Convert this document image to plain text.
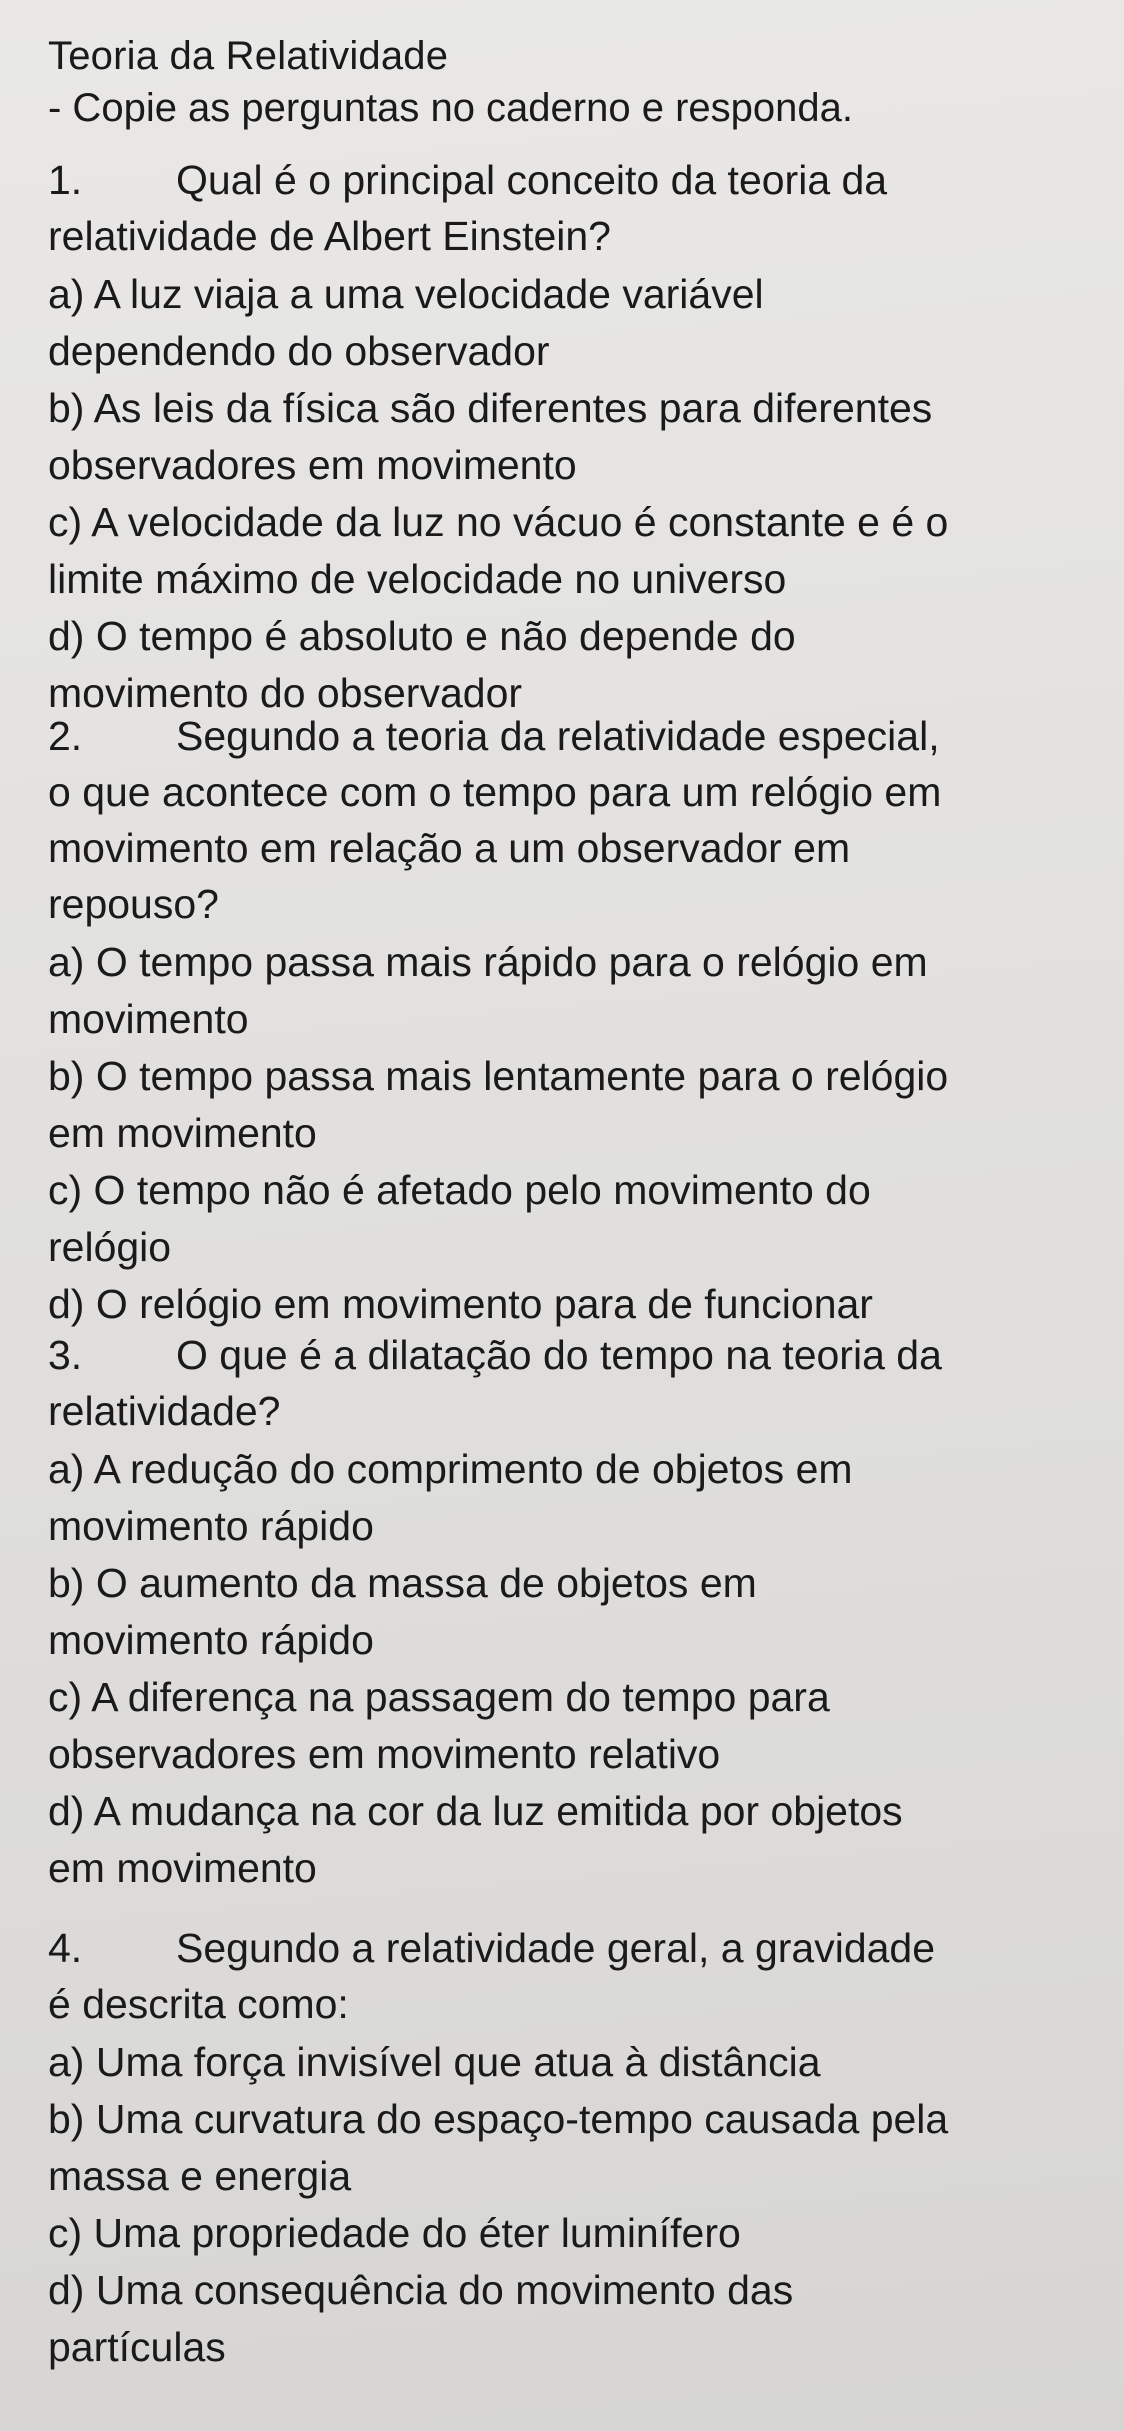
Teoria da Relatividade
- Copie as perguntas no caderno e responda.
1. Qual é o principal conceito da teoria da
relatividade de Albert Einstein?
a) A luz viaja a uma velocidade variável
dependendo do observador
b) As leis da física são diferentes para diferentes
observadores em movimento
c) A velocidade da luz no vácuo é constante e é o
limite máximo de velocidade no universo
d) O tempo é absoluto e não depende do
movimento do observador
2. Segundo a teoria da relatividade especial,
o que acontece com o tempo para um relógio em
movimento em relação a um observador em
repouso?
a) O tempo passa mais rápido para o relógio em
movimento
b) O tempo passa mais lentamente para o relógio
em movimento
c) O tempo não é afetado pelo movimento do
relógio
d) O relógio em movimento para de funcionar
3. O que é a dilatação do tempo na teoria da
relatividade?
a) A redução do comprimento de objetos em
movimento rápido
b) O aumento da massa de objetos em
movimento rápido
c) A diferença na passagem do tempo para
observadores em movimento relativo
d) A mudança na cor da luz emitida por objetos
em movimento
4. Segundo a relatividade geral, a gravidade
é descrita como:
a) Uma força invisível que atua à distância
b) Uma curvatura do espaço-tempo causada pela
massa e energia
c) Uma propriedade do éter luminífero
d) Uma consequência do movimento das
partículas
